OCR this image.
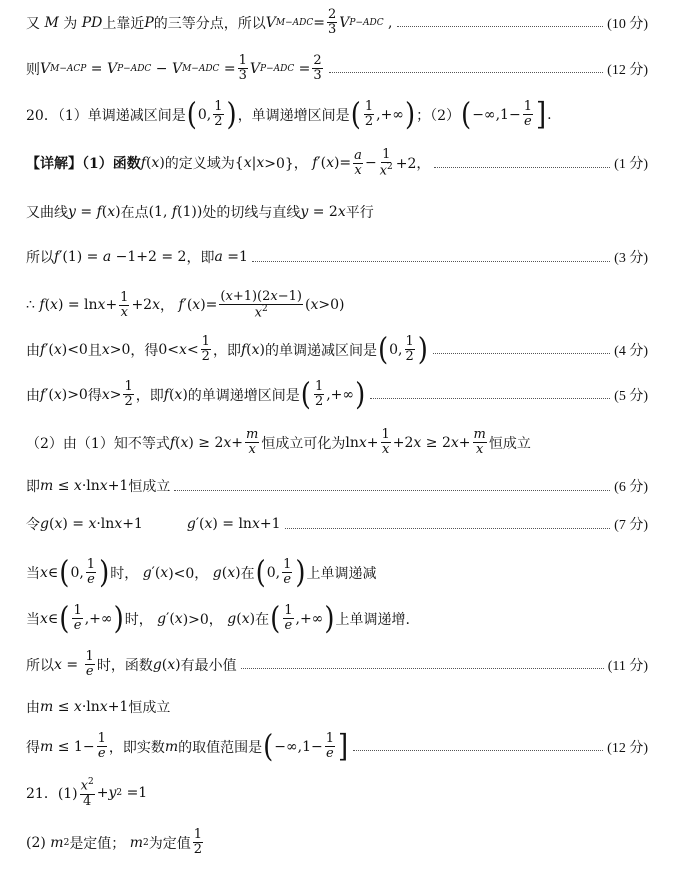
又 M 为 PD 上靠近 P 的三等分点，所以 V $M-ADC = \frac{2}{3}$ V P−ADC ,	(10 分)
则 V M−ACP = V P−ADC − V $M-ADC = \frac{1}{3}$ V $P-ADC = \frac{2}{3}$	(12 分)
20．（1）单调递减区间是 ( 0, $\frac{1}{2}$ ) ，单调递增区间是 ( $\frac{1}{2}$ ,+∞ ) ；（2） ( $-\infty,1- \frac{1}{e}$ ] .
【详解】（1）函数 f ( x ) 的定义域为 { x | x >0}， f ′( x )= $\frac{a}{x} - \frac{1}{x^2} +2$，	(1 分)
又曲线 y = f ( x ) 在点 (1, f (1)) 处的切线与直线 y = 2 x 平行
所以 f ′(1) = a −1+2 = 2 ，即 a =1	(3 分)
∴
f ( x ) = $\ln x + \frac{1}{x} +2$ x ， f ′( x )= $\frac{(x+1)(2x-1)}{x^2}$ ( x >0)
由 f ′( x )<0 且 x >0 ，得 $0< x < \frac{1}{2}$ ，即 f ( x ) 的单调递减区间是 ( 0, $\frac{1}{2}$ )	(4 分)
由 f ′( x )>0 得 $x > \frac{1}{2}$ ，即 f ( x ) 的单调递增区间是 ( $\frac{1}{2}$ ,+∞ )	(5 分)
（2）由（1）知不等式 f ( x ) ≥ 2 $x + \frac{m}{x}$ 恒成立可化为 $\ln x + \frac{1}{x} +2$ x ≥ 2 $x + \frac{m}{x}$ 恒成立
即 m ≤ x ·ln x +1 恒成立	(6 分)
令 g ( x ) = x ·ln x +1	g ′( x ) = ln x +1	(7 分)
当 x ∈ ( 0, $\frac{1}{e}$ ) 时，
g ′( x )<0， g ( x ) 在 ( 0, $\frac{1}{e}$ ) 上单调递减
当 x ∈ ( $\frac{1}{e}$ ,+∞ ) 时，
g ′( x )>0， g ( x ) 在 ( $\frac{1}{e}$ ,+∞ ) 上单调递增.
所以 $x = \frac{1}{e}$ 时，函数 g ( x ) 有最小值	(11 分)
由 m ≤ x ·ln x +1 恒成立
得 $m \le 1- \frac{1}{e}$ ，即实数 m 的取值范围是 ( $-\infty,1- \frac{1}{e}$ ]	(12 分)
21．$(1) \frac{x^2}{4} + y$ 2 =1
(2)
m 2 是定值；
m 2 为定值 $\frac{1}{2}$
